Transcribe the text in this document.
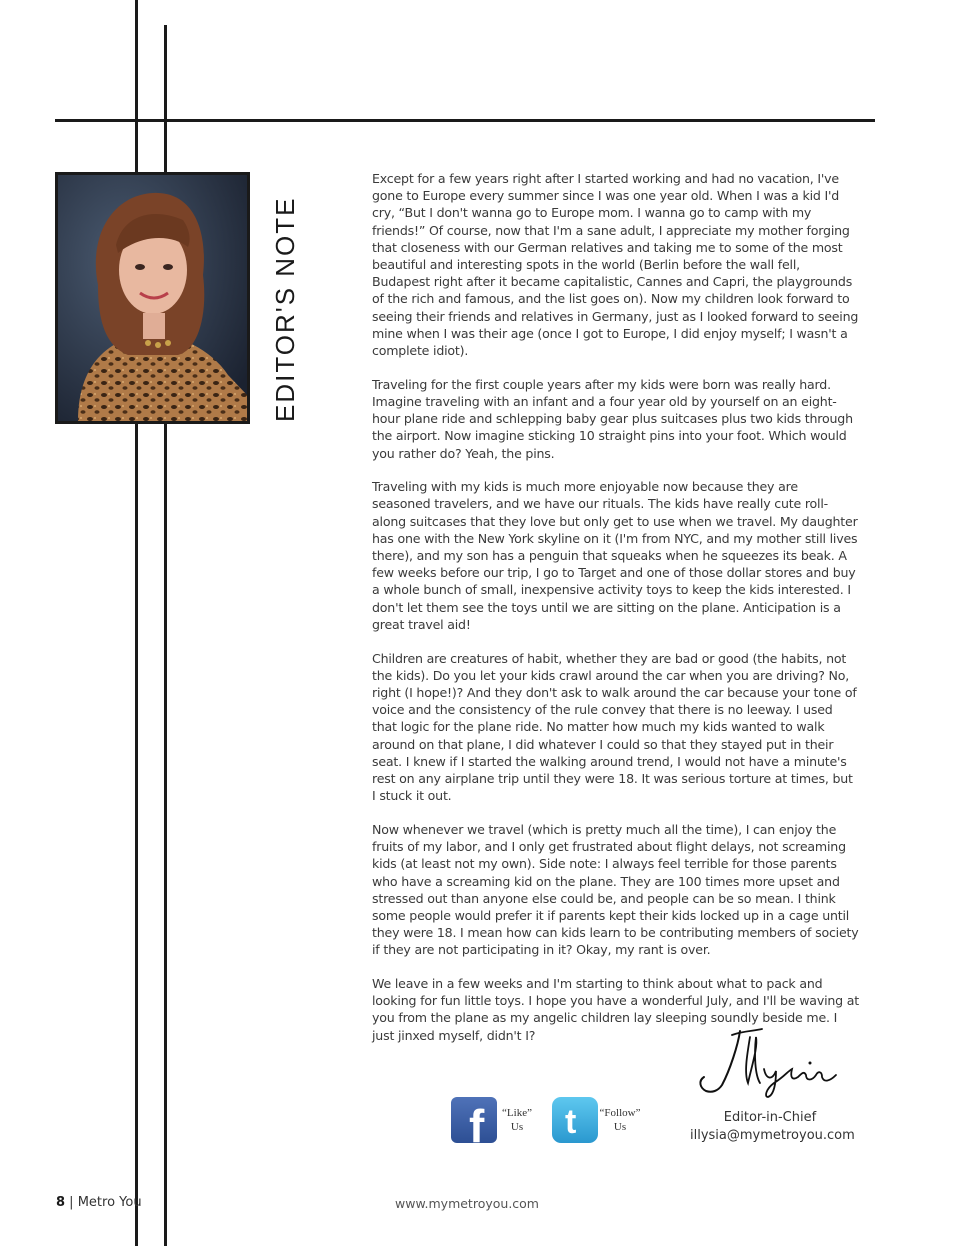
EDITOR'S NOTE

Except for a few years right after I started working and had no vacation, I've gone to Europe every summer since I was one year old. When I was a kid I'd cry, “But I don't wanna go to Europe mom. I wanna go to camp with my friends!” Of course, now that I'm a sane adult, I appreciate my mother forging that closeness with our German relatives and taking me to some of the most beautiful and interesting spots in the world (Berlin before the wall fell, Budapest right after it became capitalistic, Cannes and Capri, the playgrounds of the rich and famous, and the list goes on). Now my children look forward to seeing their friends and relatives in Germany, just as I looked forward to seeing mine when I was their age (once I got to Europe, I did enjoy myself; I wasn't a complete idiot).

Traveling for the first couple years after my kids were born was really hard. Imagine traveling with an infant and a four year old by yourself on an eight-hour plane ride and schlepping baby gear plus suitcases plus two kids through the airport. Now imagine sticking 10 straight pins into your foot. Which would you rather do? Yeah, the pins.

Traveling with my kids is much more enjoyable now because they are seasoned travelers, and we have our rituals. The kids have really cute roll-along suitcases that they love but only get to use when we travel. My daughter has one with the New York skyline on it (I'm from NYC, and my mother still lives there), and my son has a penguin that squeaks when he squeezes its beak. A few weeks before our trip, I go to Target and one of those dollar stores and buy a whole bunch of small, inexpensive activity toys to keep the kids interested. I don't let them see the toys until we are sitting on the plane. Anticipation is a great travel aid!

Children are creatures of habit, whether they are bad or good (the habits, not the kids). Do you let your kids crawl around the car when you are driving? No, right (I hope!)? And they don't ask to walk around the car because your tone of voice and the consistency of the rule convey that there is no leeway. I used that logic for the plane ride. No matter how much my kids wanted to walk around on that plane, I did whatever I could so that they stayed put in their seat. I knew if I started the walking around trend, I would not have a minute's rest on any airplane trip until they were 18. It was serious torture at times, but I stuck it out.

Now whenever we travel (which is pretty much all the time), I can enjoy the fruits of my labor, and I only get frustrated about flight delays, not screaming kids (at least not my own). Side note: I always feel terrible for those parents who have a screaming kid on the plane. They are 100 times more upset and stressed out than anyone else could be, and people can be so mean. I think some people would prefer it if parents kept their kids locked up in a cage until they were 18. I mean how can kids learn to be contributing members of society if they are not participating in it? Okay, my rant is over.

We leave in a few weeks and I'm starting to think about what to pack and looking for fun little toys. I hope you have a wonderful July, and I'll be waving at you from the plane as my angelic children lay sleeping soundly beside me. I just jinxed myself, didn't I?

Editor-in-Chief
illysia@mymetroyou.com
f	“Like”
Us	t	“Follow”
Us
8 | Metro You	www.mymetroyou.com
